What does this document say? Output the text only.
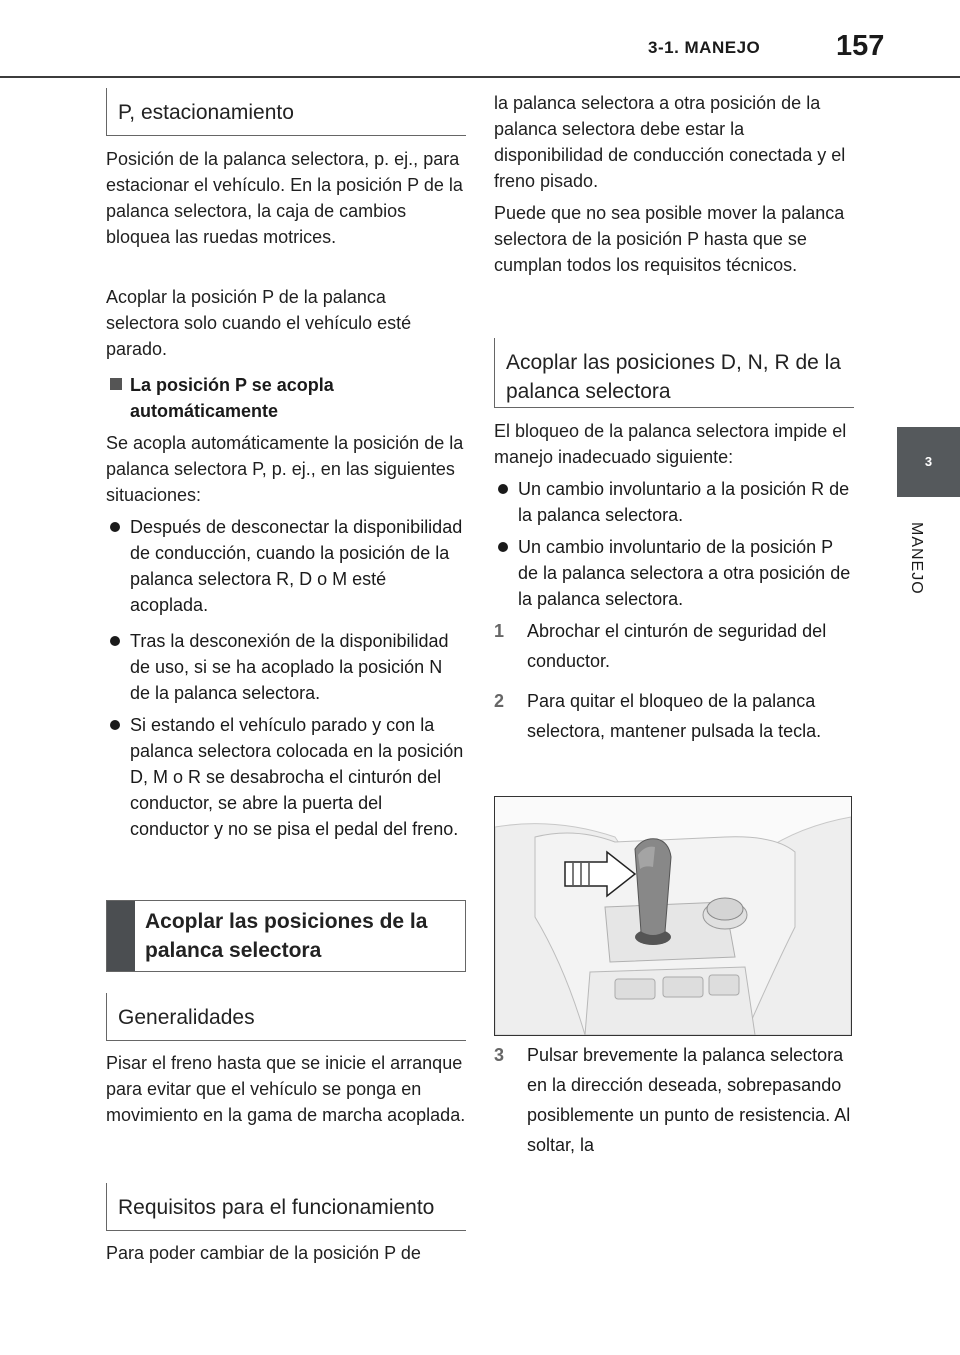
3-1. MANEJO	157
3
MANEJO
P, estacionamiento
Posición de la palanca selectora, p. ej., para estacionar el vehículo. En la posición P de la palanca selectora, la caja de cambios bloquea las ruedas motrices.
Acoplar la posición P de la palanca selectora solo cuando el vehículo esté parado.
La posición P se acopla automáticamente
Se acopla automáticamente la posición de la palanca selectora P, p. ej., en las siguientes situaciones:
Después de desconectar la disponibilidad de conducción, cuando la posición de la palanca selectora R, D o M esté acoplada.
Tras la desconexión de la disponibilidad de uso, si se ha acoplado la posición N de la palanca selectora.
Si estando el vehículo parado y con la palanca selectora colocada en la posición D, M o R se desabrocha el cinturón del conductor, se abre la puerta del conductor y no se pisa el pedal del freno.
Acoplar las posiciones de la palanca selectora
Generalidades
Pisar el freno hasta que se inicie el arranque para evitar que el vehículo se ponga en movimiento en la gama de marcha acoplada.
Requisitos para el funcionamiento
Para poder cambiar de la posición P de
la palanca selectora a otra posición de la palanca selectora debe estar la disponibilidad de conducción conectada y el freno pisado.
Puede que no sea posible mover la palanca selectora de la posición P hasta que se cumplan todos los requisitos técnicos.
Acoplar las posiciones D, N, R de la palanca selectora
El bloqueo de la palanca selectora impide el manejo inadecuado siguiente:
Un cambio involuntario a la posición R de la palanca selectora.
Un cambio involuntario de la posición P de la palanca selectora a otra posición de la palanca selectora.
1 Abrochar el cinturón de seguridad del conductor.
2 Para quitar el bloqueo de la palanca selectora, mantener pulsada la tecla.
3 Pulsar brevemente la palanca selectora en la dirección deseada, sobrepasando posiblemente un punto de resistencia. Al soltar, la
